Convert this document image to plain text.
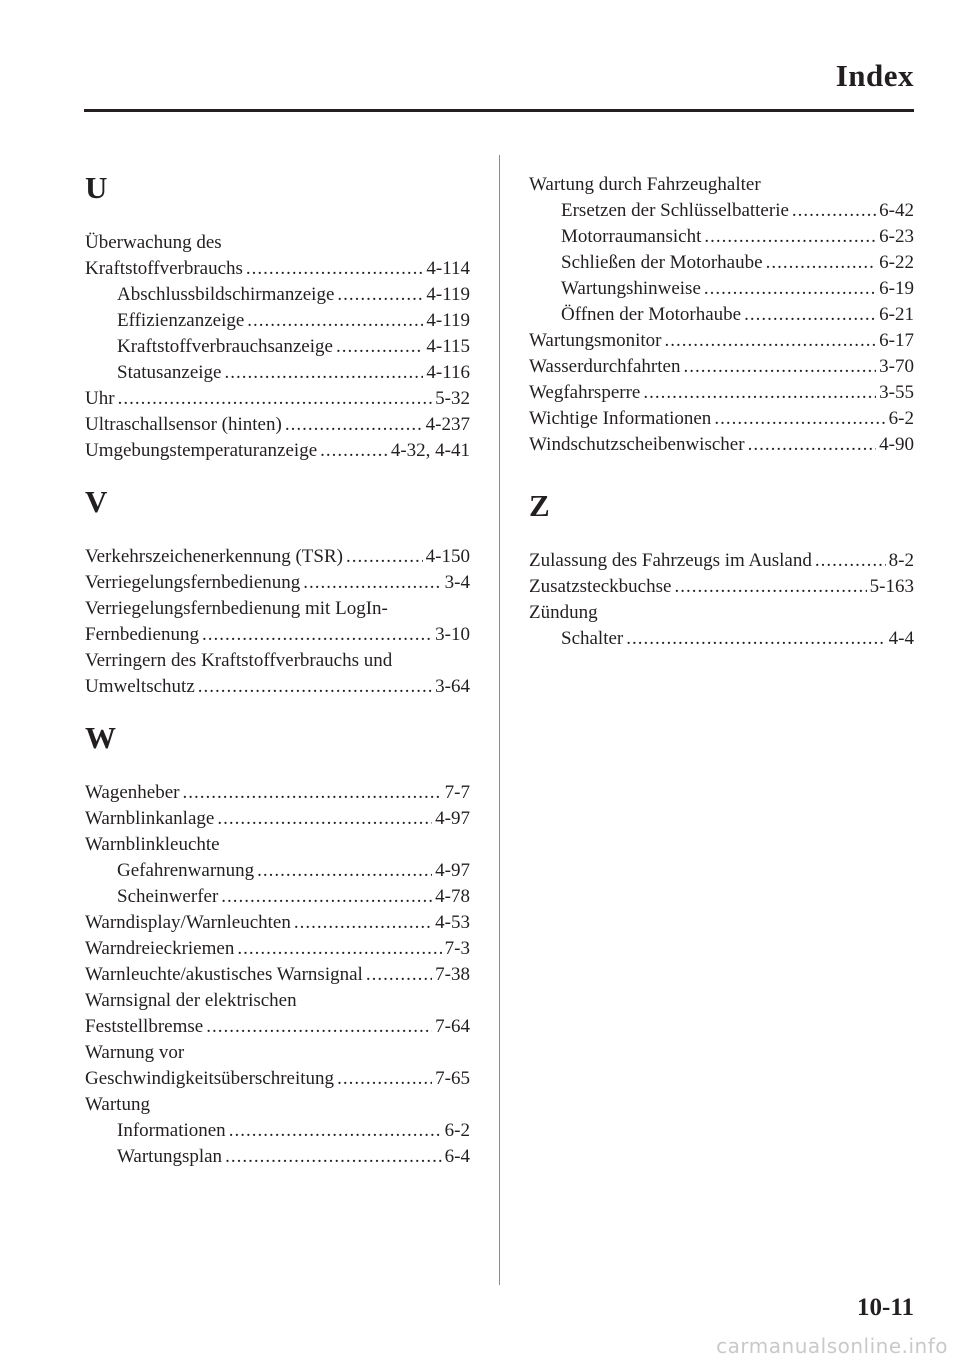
Index
U
Überwachung des
Kraftstoffverbrauchs .....	4-114
Abschlussbildschirmanzeige .....	4-119
Effizienzanzeige .....	4-119
Kraftstoffverbrauchsanzeige .....	4-115
Statusanzeige .....	4-116
Uhr .....	5-32
Ultraschallsensor (hinten) .....	4-237
Umgebungstemperaturanzeige .....	4-32, 4-41
V
Verkehrszeichenerkennung (TSR) .....	4-150
Verriegelungsfernbedienung .....	3-4
Verriegelungsfernbedienung mit LogIn-
Fernbedienung .....	3-10
Verringern des Kraftstoffverbrauchs und
Umweltschutz .....	3-64
W
Wagenheber .....	7-7
Warnblinkanlage .....	4-97
Warnblinkleuchte
Gefahrenwarnung .....	4-97
Scheinwerfer .....	4-78
Warndisplay/Warnleuchten .....	4-53
Warndreieckriemen .....	7-3
Warnleuchte/akustisches Warnsignal .....	7-38
Warnsignal der elektrischen
Feststellbremse .....	7-64
Warnung vor
Geschwindigkeitsüberschreitung .....	7-65
Wartung
Informationen .....	6-2
Wartungsplan .....	6-4
Wartung durch Fahrzeughalter
Ersetzen der Schlüsselbatterie .....	6-42
Motorraumansicht .....	6-23
Schließen der Motorhaube .....	6-22
Wartungshinweise .....	6-19
Öffnen der Motorhaube .....	6-21
Wartungsmonitor .....	6-17
Wasserdurchfahrten .....	3-70
Wegfahrsperre .....	3-55
Wichtige Informationen .....	6-2
Windschutzscheibenwischer .....	4-90
Z
Zulassung des Fahrzeugs im Ausland .....	8-2
Zusatzsteckbuchse .....	5-163
Zündung
Schalter .....	4-4
10-11
carmanualsonline.info
